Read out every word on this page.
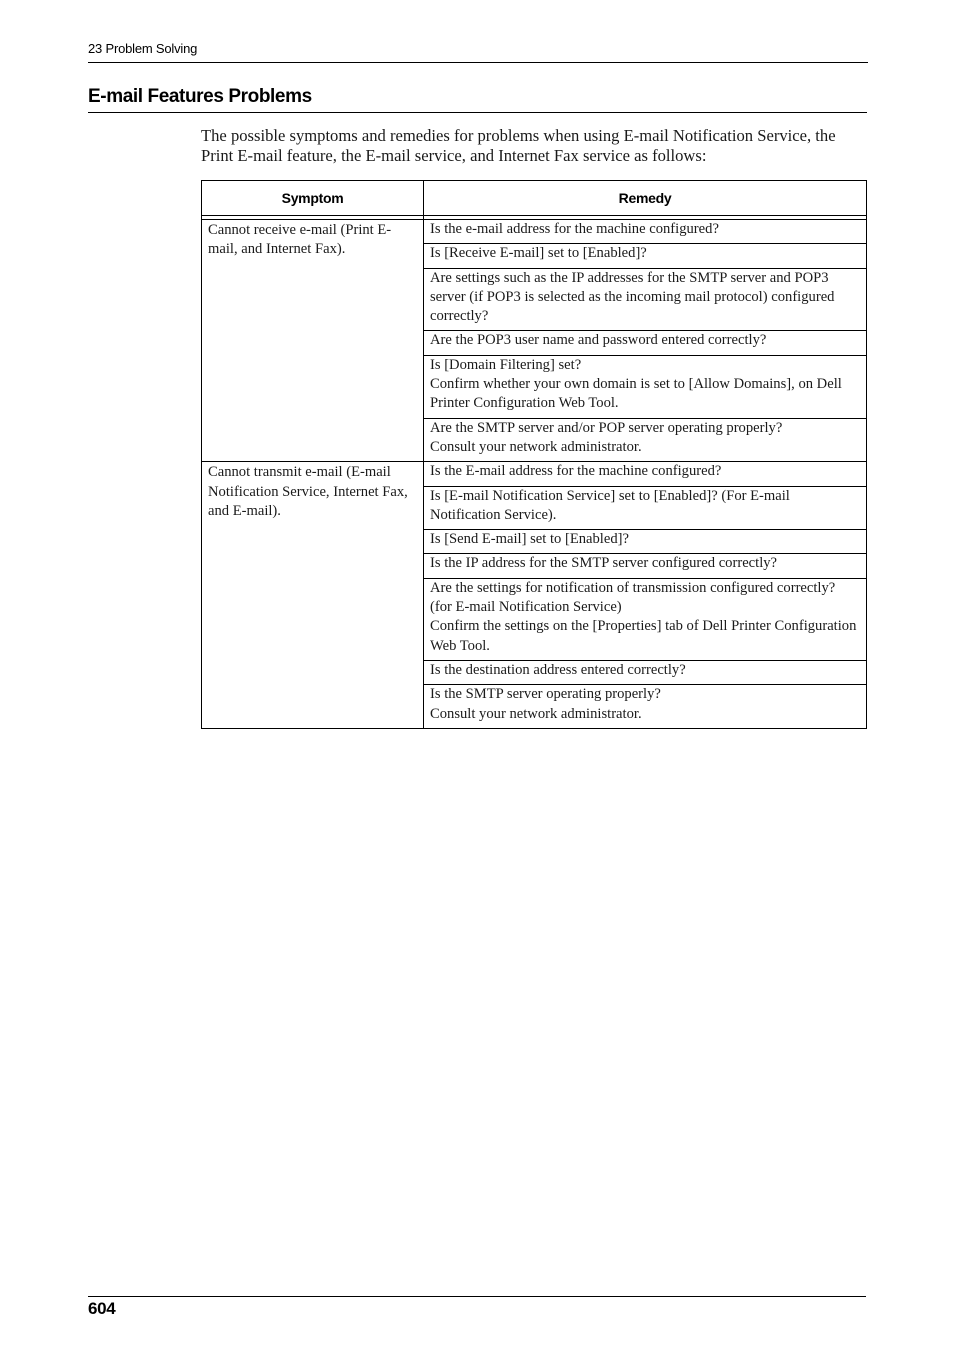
23 Problem Solving
E-mail Features Problems

The possible symptoms and remedies for problems when using E-mail Notification Service, the Print E-mail feature, the E-mail service, and Internet Fax service as follows:

Symptom	Remedy

Cannot receive e-mail (Print E-mail, and Internet Fax).	Is the e-mail address for the machine configured?

	Is [Receive E-mail] set to [Enabled]?

	Are settings such as the IP addresses for the SMTP server and POP3 server (if POP3 is selected as the incoming mail protocol) configured correctly?

	Are the POP3 user name and password entered correctly?

	Is [Domain Filtering] set?
Confirm whether your own domain is set to [Allow Domains], on Dell Printer Configuration Web Tool.

	Are the SMTP server and/or POP server operating properly?
Consult your network administrator.

Cannot transmit e-mail (E-mail Notification Service, Internet Fax, and E-mail).	Is the E-mail address for the machine configured?

	Is [E-mail Notification Service] set to [Enabled]? (For E-mail Notification Service).

	Is [Send E-mail] set to [Enabled]?

	Is the IP address for the SMTP server configured correctly?

	Are the settings for notification of transmission configured correctly? (for E-mail Notification Service)
Confirm the settings on the [Properties] tab of Dell Printer Configuration Web Tool.

	Is the destination address entered correctly?

	Is the SMTP server operating properly?
Consult your network administrator.
604
